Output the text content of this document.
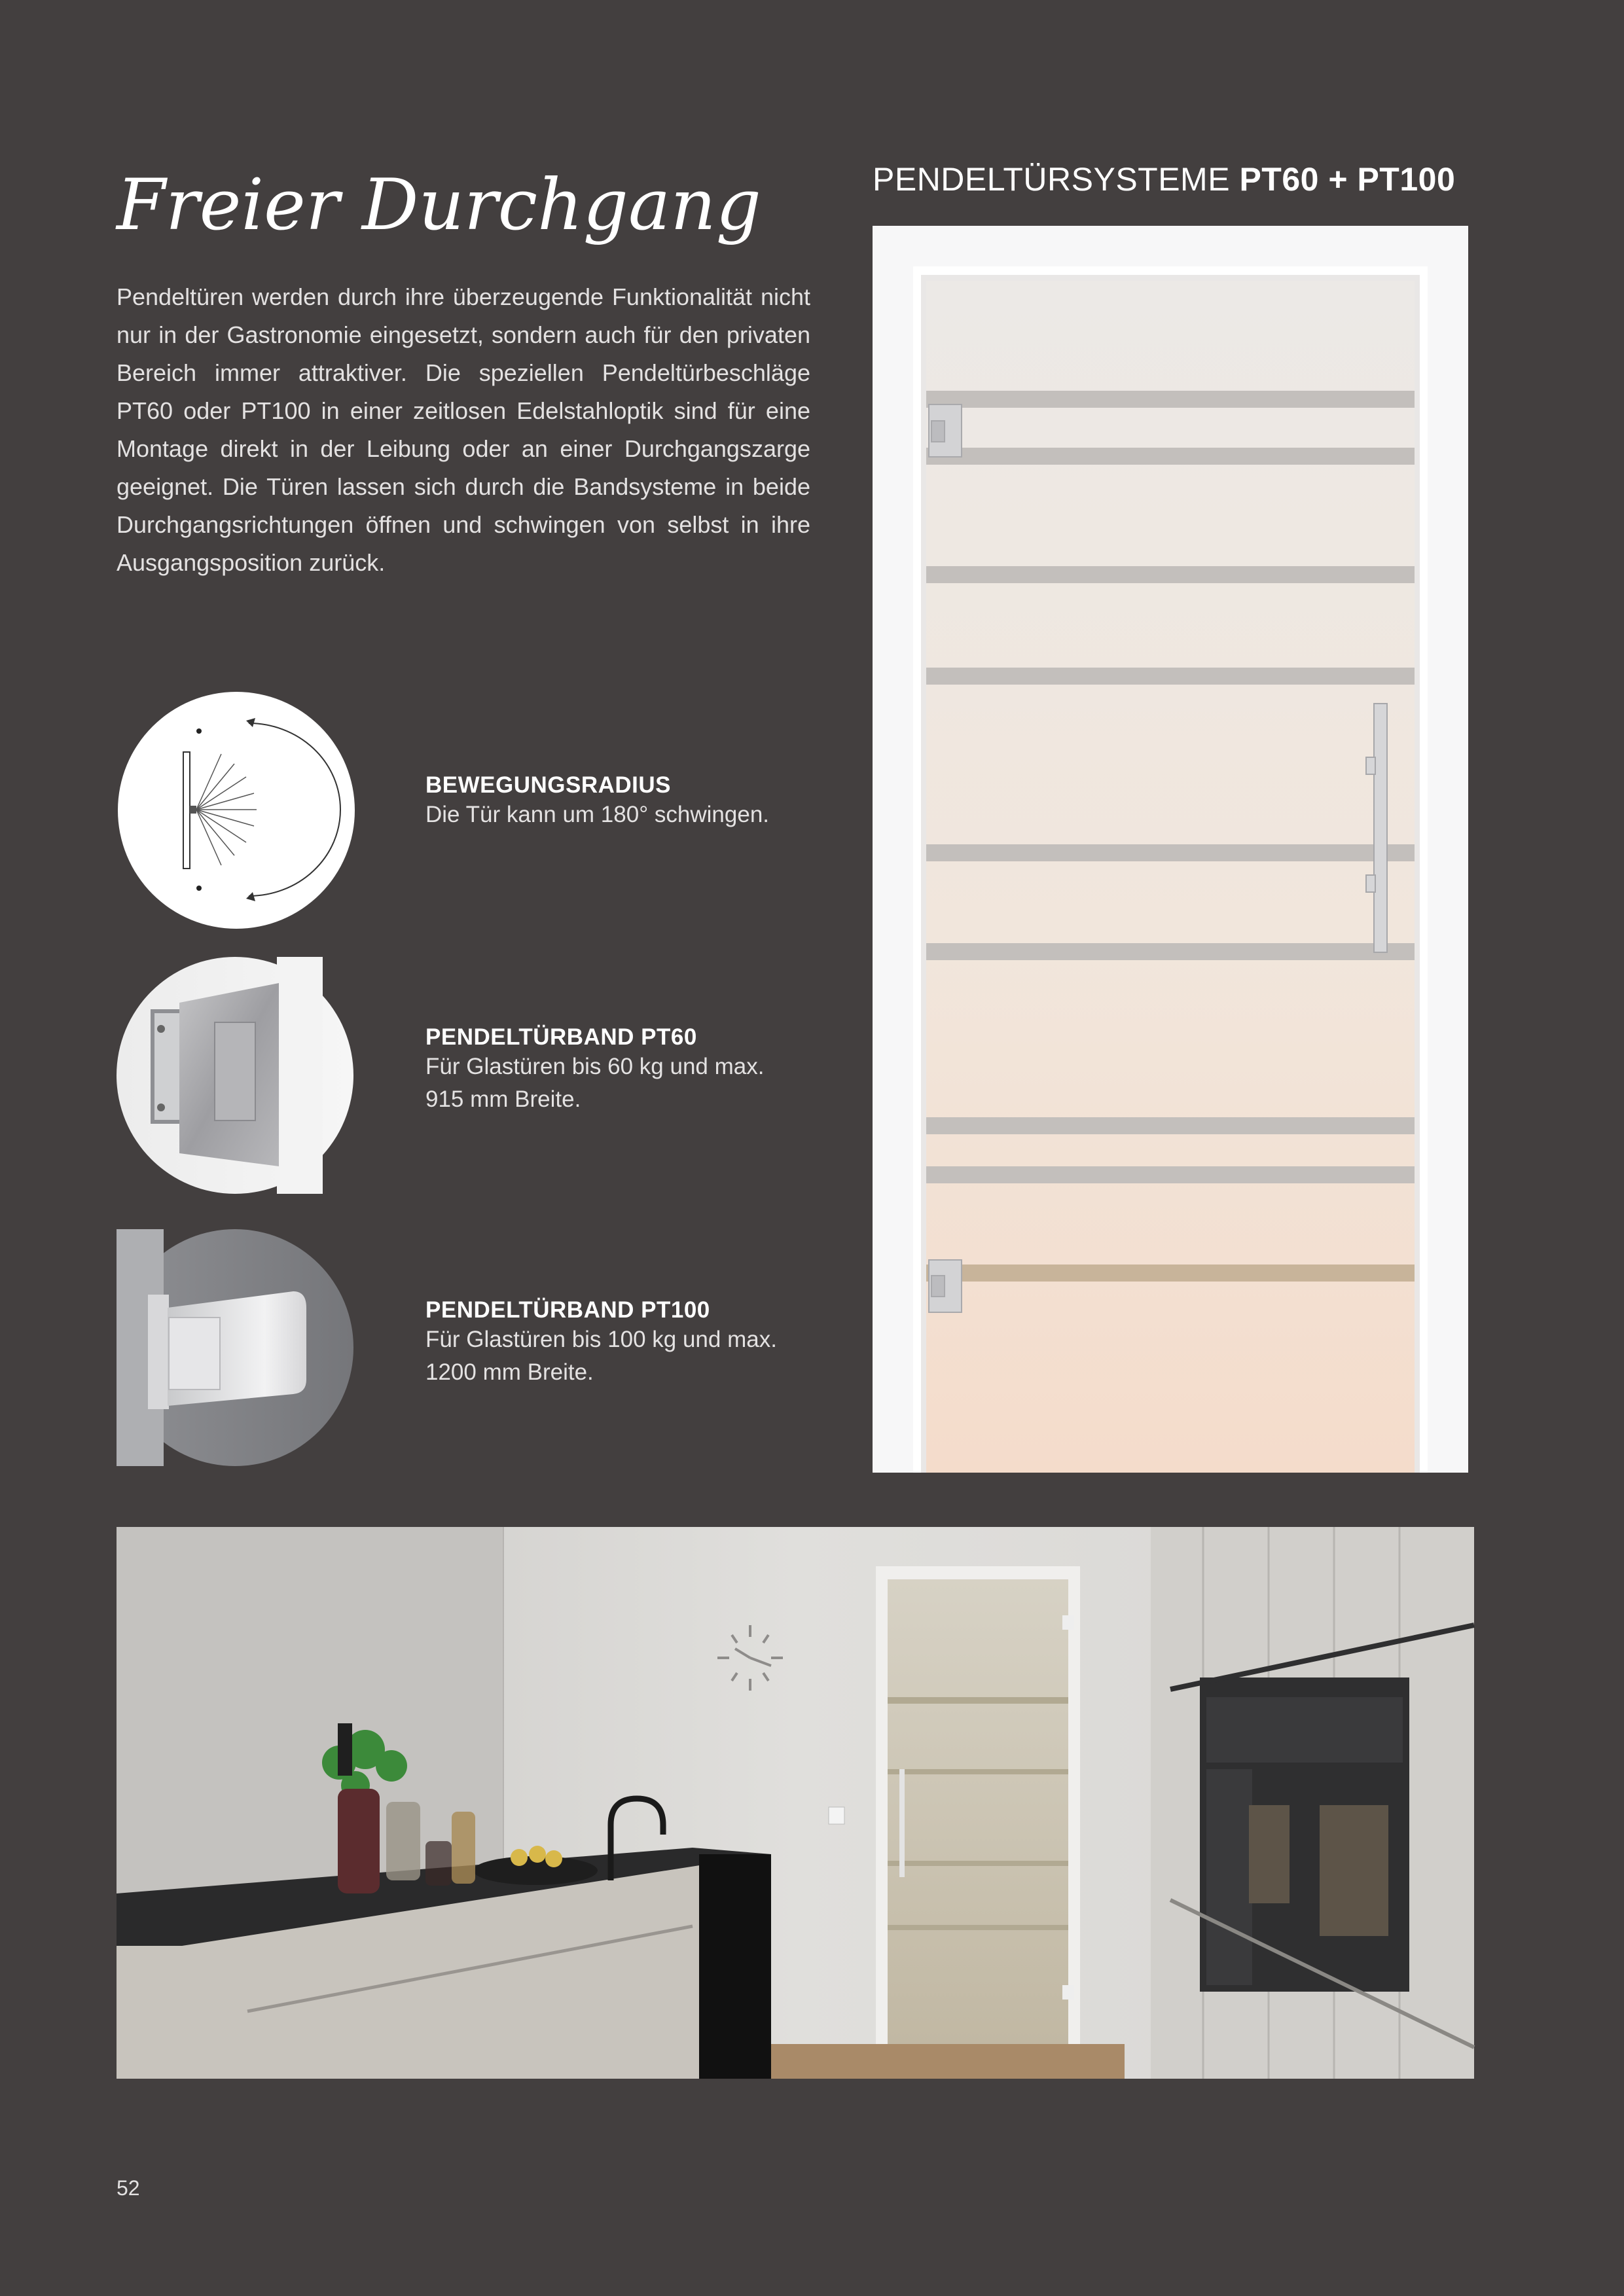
Freier Durchgang
Pendeltüren werden durch ihre überzeugende Funktionalität nicht nur in der Gastronomie eingesetzt, sondern auch für den privaten Bereich immer attraktiver. Die speziellen Pendeltürbeschläge PT60 oder PT100 in einer zeitlosen Edelstahloptik sind für eine Montage direkt in der Leibung oder an einer Durchgangszarge geeignet. Die Türen lassen sich durch die Bandsysteme in beide Durchgangsrichtungen öffnen und schwingen von selbst in ihre Ausgangsposition zurück.
PENDELTÜRSYSTEME PT60 + PT100
BEWEGUNGSRADIUS
Die Tür kann um 180° schwingen.
PENDELTÜRBAND PT60
Für Glastüren bis 60 kg und max.
915 mm Breite.
PENDELTÜRBAND PT100
Für Glastüren bis 100 kg und max.
1200 mm Breite.
52
